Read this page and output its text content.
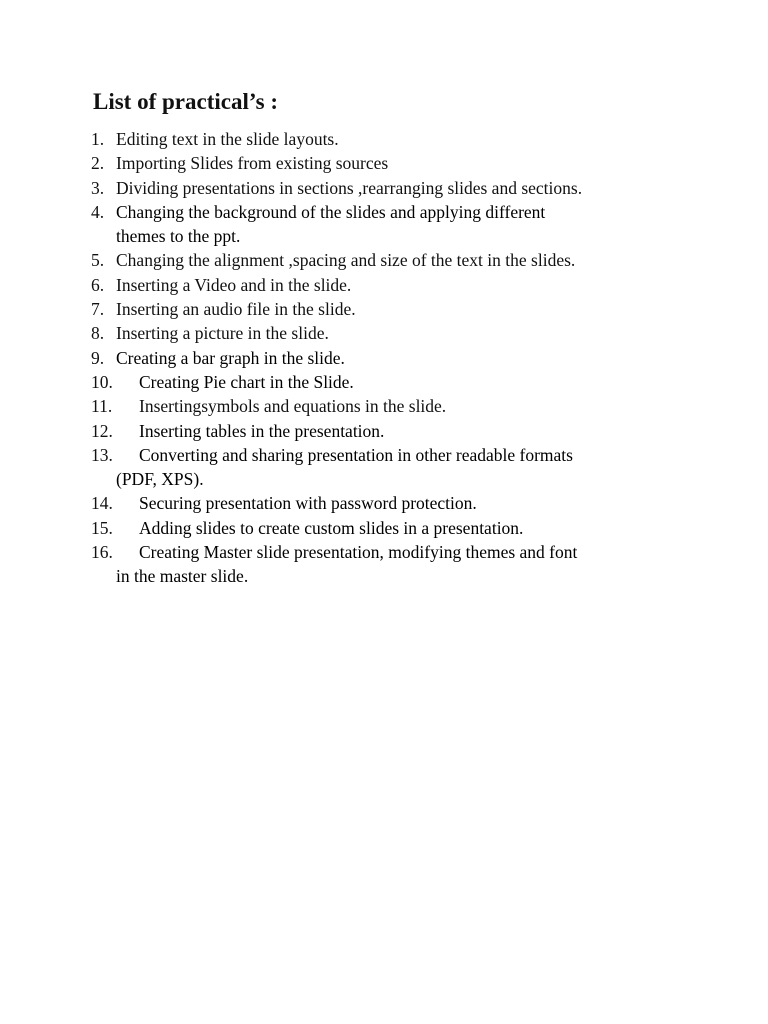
List of practical’s :
1. Editing text in the slide layouts.
2. Importing Slides from existing sources
3. Dividing presentations in sections ,rearranging slides and sections.
4. Changing the background of the slides and applying different
themes to the ppt.
5. Changing the alignment ,spacing and size of the text in the slides.
6. Inserting a Video and in the slide.
7. Inserting an audio file in the slide.
8. Inserting a picture in the slide.
9. Creating a bar graph in the slide.
10. Creating Pie chart in the Slide.
11. Insertingsymbols and equations in the slide.
12. Inserting tables in the presentation.
13. Converting and sharing presentation in other readable formats
(PDF, XPS).
14. Securing presentation with password protection.
15. Adding slides to create custom slides in a presentation.
16. Creating Master slide presentation, modifying themes and font
in the master slide.
